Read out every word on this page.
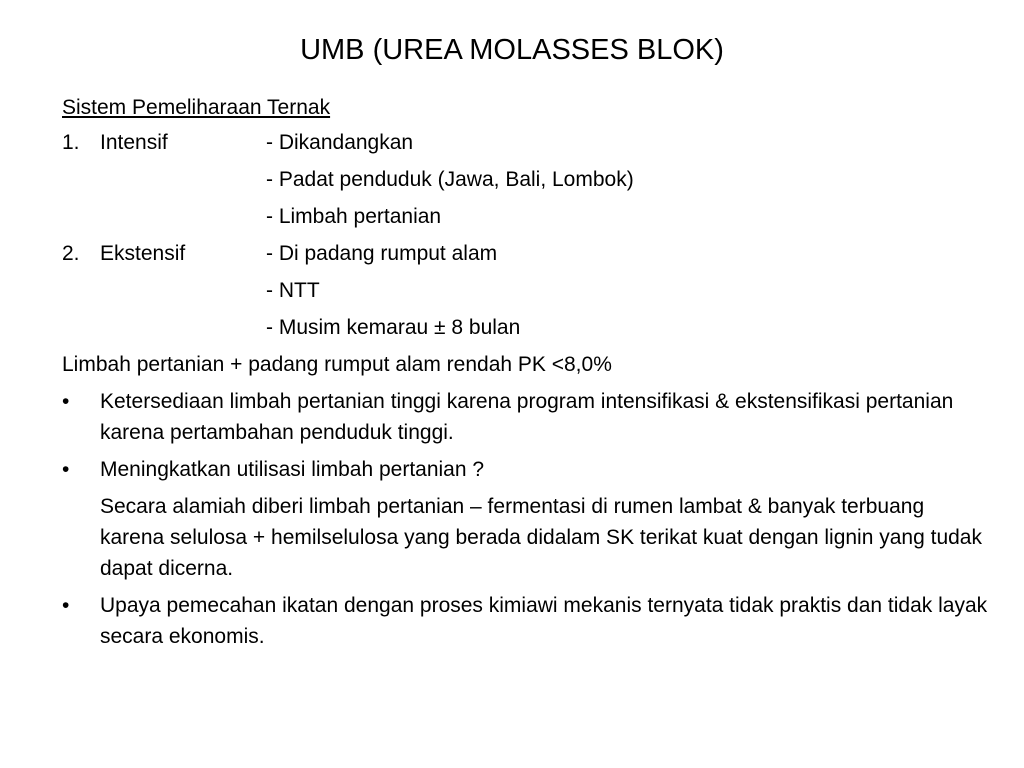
UMB (UREA MOLASSES BLOK)
Sistem Pemeliharaan Ternak
1. Intensif	- Dikandangkan
- Padat penduduk (Jawa, Bali, Lombok)
- Limbah pertanian
2. Ekstensif	- Di padang rumput alam
- NTT
- Musim kemarau ± 8 bulan
Limbah pertanian + padang rumput alam rendah PK <8,0%
• Ketersediaan limbah pertanian tinggi karena program intensifikasi & ekstensifikasi pertanian karena pertambahan penduduk tinggi.
• Meningkatkan utilisasi limbah pertanian ?
Secara alamiah diberi limbah pertanian – fermentasi di rumen lambat & banyak terbuang karena selulosa + hemilselulosa yang berada didalam SK terikat kuat dengan lignin yang tudak dapat dicerna.
• Upaya pemecahan ikatan dengan proses kimiawi mekanis ternyata tidak praktis dan tidak layak secara ekonomis.
